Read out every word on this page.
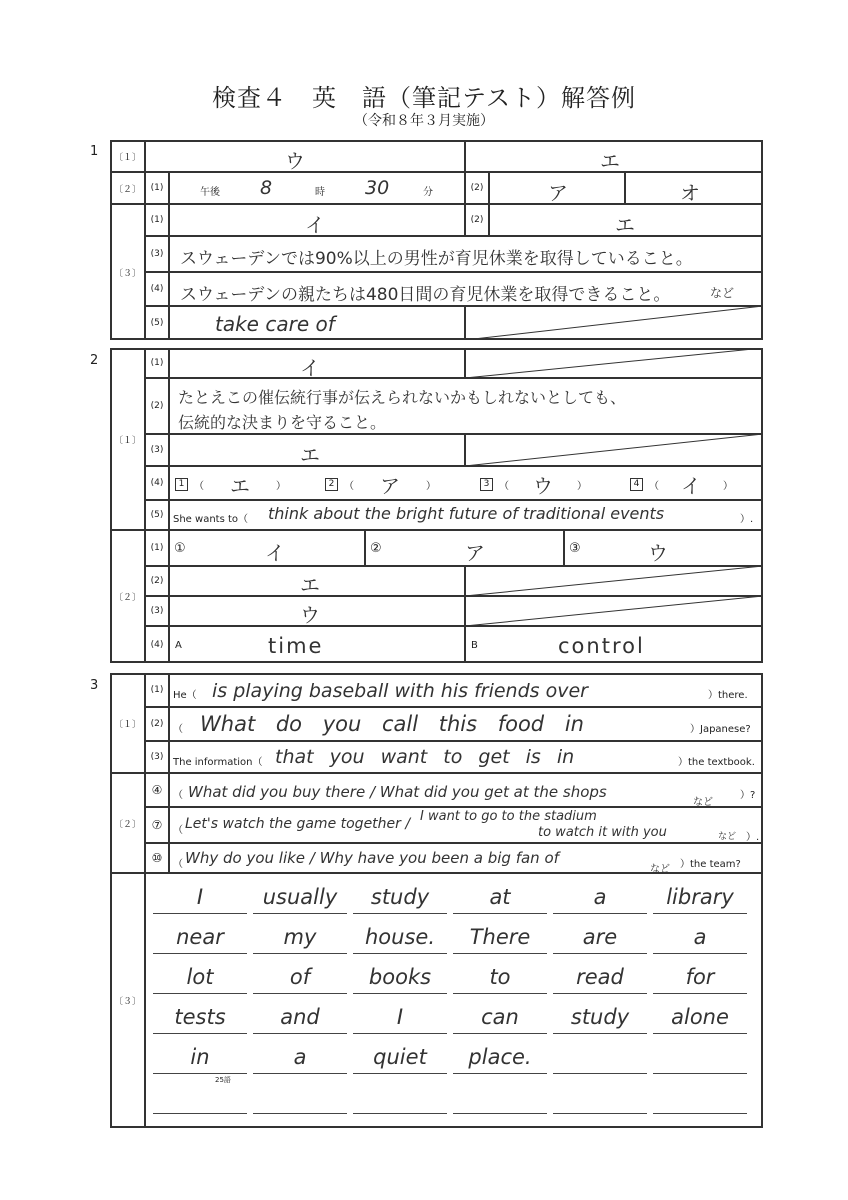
検査４　英　語（筆記テスト）解答例
（令和８年３月実施）
1	〔１〕	ウ	エ
〔２〕	(1)	午後 8	時 30	分	(2)	ア	オ
〔３〕
(1)	イ	(2)	エ
(3) スウェーデンでは90%以上の男性が育児休業を取得していること。
(4) スウェーデンの親たちは480日間の育児休業を取得できること。	など
(5)	take care of
2
〔１〕
(1)	イ
(2) たとえこの催伝統行事が伝えられないかもしれないとしても、
伝統的な決まりを守ること。
(3)	エ
(4)	1 （	エ	）	2 （	ア	）	3 （	ウ	）	4 （	イ	）
(5) She wants to（ think about the bright future of traditional events	）.
〔２〕
(1) ①	イ	②	ア	③	ウ
(2)	エ
(3)	ウ
(4)	A	time	B	control
3
〔１〕
(1) He（ is playing baseball with his friends over	）there.
(2) （ What do you call this food in	）Japanese?
(3) The information（ that you want to get is in	）the textbook.
〔２〕
④	（ What did you buy there / What did you get at the shops
など
）?
⑦	（ Let's watch the game together / I want to go to the stadium
to watch it with you	など ）.
⑩	（ Why do you like / Why have you been a big fan of
など ）the team?
〔３〕
I	usually	study	at	a	library
near	my	house.	There	are	a
lot	of	books	to	read	for
tests	and	I	can	study	alone
in	a	quiet	place.
25語
